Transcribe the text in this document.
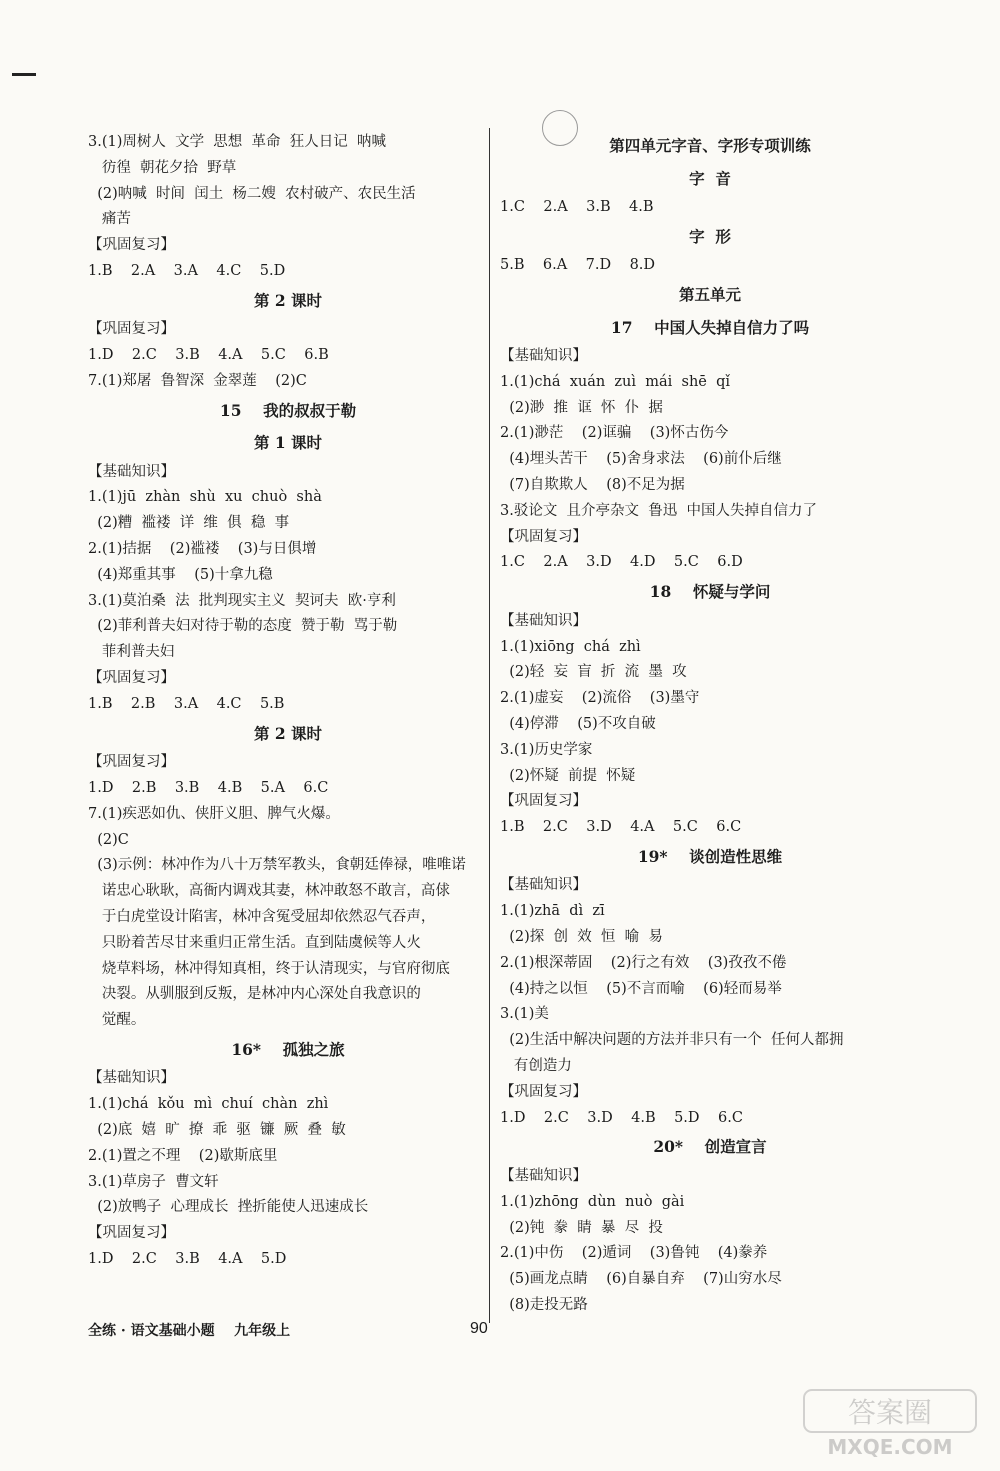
3.(1)周树人  文学  思想  革命  狂人日记  呐喊
彷徨  朝花夕拾  野草
(2)呐喊  时间  闰土  杨二嫂  农村破产、农民生活
痛苦
【巩固复习】
1.B    2.A    3.A    4.C    5.D
第 2 课时
【巩固复习】
1.D    2.C    3.B    4.A    5.C    6.B
7.(1)郑屠  鲁智深  金翠莲    (2)C
15    我的叔叔于勒
第 1 课时
【基础知识】
1.(1)jū  zhàn  shù  xu  chuò  shà
(2)糟  褴褛  详  维  俱  稳  事
2.(1)拮据    (2)褴褛    (3)与日俱增
(4)郑重其事    (5)十拿九稳
3.(1)莫泊桑  法  批判现实主义  契诃夫  欧·亨利
(2)菲利普夫妇对待于勒的态度  赞于勒  骂于勒
菲利普夫妇
【巩固复习】
1.B    2.B    3.A    4.C    5.B
第 2 课时
【巩固复习】
1.D    2.B    3.B    4.B    5.A    6.C
7.(1)疾恶如仇、侠肝义胆、脾气火爆。
(2)C
(3)示例：林冲作为八十万禁军教头，食朝廷俸禄，唯唯诺
诺忠心耿耿，高衙内调戏其妻，林冲敢怒不敢言，高俅
于白虎堂设计陷害，林冲含冤受屈却依然忍气吞声，
只盼着苦尽甘来重归正常生活。直到陆虞候等人火
烧草料场，林冲得知真相，终于认清现实，与官府彻底
决裂。从驯服到反叛，是林冲内心深处自我意识的
觉醒。
16*    孤独之旅
【基础知识】
1.(1)chá  kǒu  mì  chuí  chàn  zhì
(2)底  嬉  旷  撩  乖  驱  镰  厥  叠  敏
2.(1)置之不理    (2)歇斯底里
3.(1)草房子  曹文轩
(2)放鸭子  心理成长  挫折能使人迅速成长
【巩固复习】
1.D    2.C    3.B    4.A    5.D
第四单元字音、字形专项训练
字  音
1.C    2.A    3.B    4.B
字  形
5.B    6.A    7.D    8.D
第五单元
17    中国人失掉自信力了吗
【基础知识】
1.(1)chá  xuán  zuì  mái  shē  qǐ
(2)渺  推  诓  怀  仆  据
2.(1)渺茫    (2)诓骗    (3)怀古伤今
(4)埋头苦干    (5)舍身求法    (6)前仆后继
(7)自欺欺人    (8)不足为据
3.驳论文  且介亭杂文  鲁迅  中国人失掉自信力了
【巩固复习】
1.C    2.A    3.D    4.D    5.C    6.D
18    怀疑与学问
【基础知识】
1.(1)xiōng  chá  zhì
(2)轻  妄  盲  折  流  墨  攻
2.(1)虚妄    (2)流俗    (3)墨守
(4)停滞    (5)不攻自破
3.(1)历史学家
(2)怀疑  前提  怀疑
【巩固复习】
1.B    2.C    3.D    4.A    5.C    6.C
19*    谈创造性思维
【基础知识】
1.(1)zhā  dì  zī
(2)探  创  效  恒  喻  易
2.(1)根深蒂固    (2)行之有效    (3)孜孜不倦
(4)持之以恒    (5)不言而喻    (6)轻而易举
3.(1)美
(2)生活中解决问题的方法并非只有一个  任何人都拥
有创造力
【巩固复习】
1.D    2.C    3.D    4.B    5.D    6.C
20*    创造宣言
【基础知识】
1.(1)zhōng  dùn  nuò  gài
(2)钝  豢  睛  暴  尽  投
2.(1)中伤    (2)遁词    (3)鲁钝    (4)豢养
(5)画龙点睛    (6)自暴自弃    (7)山穷水尽
(8)走投无路
全练 · 语文基础小题    九年级上	90
答案圈
MXQE.COM
